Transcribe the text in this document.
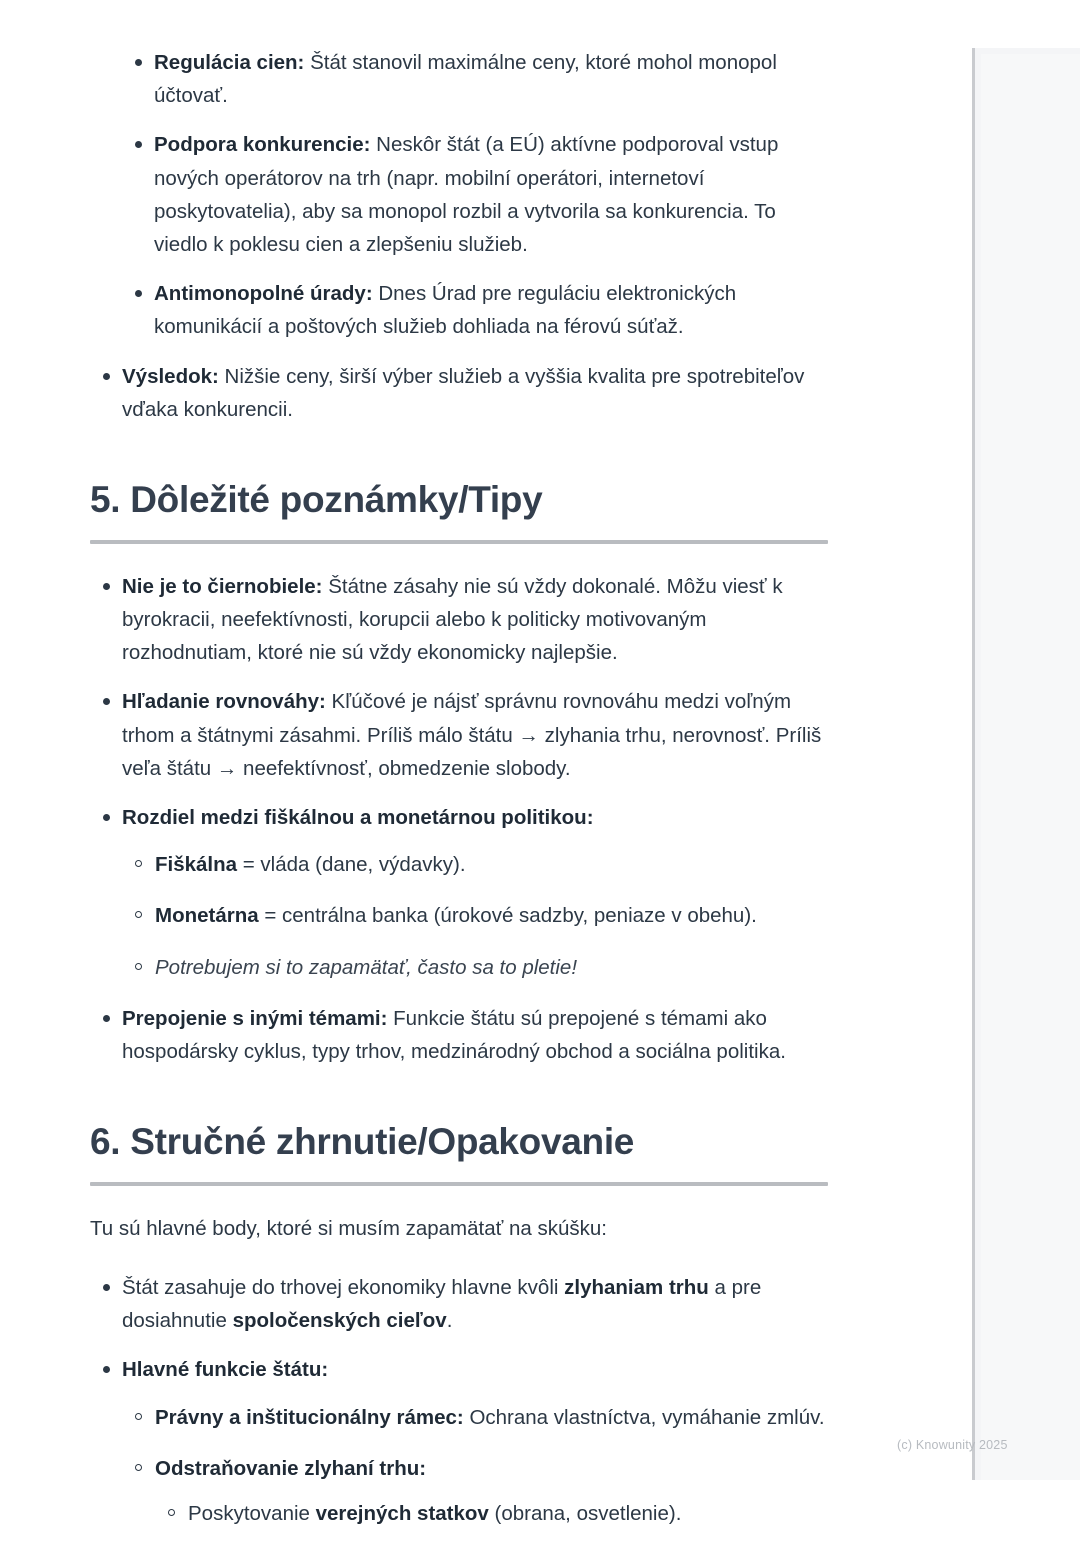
Regulácia cien: Štát stanovil maximálne ceny, ktoré mohol monopol účtovať.
Podpora konkurencie: Neskôr štát (a EÚ) aktívne podporoval vstup nových operátorov na trh (napr. mobilní operátori, internetoví poskytovatelia), aby sa monopol rozbil a vytvorila sa konkurencia. To viedlo k poklesu cien a zlepšeniu služieb.
Antimonopolné úrady: Dnes Úrad pre reguláciu elektronických komunikácií a poštových služieb dohliada na férovú súťaž.
Výsledok: Nižšie ceny, širší výber služieb a vyššia kvalita pre spotrebiteľov vďaka konkurencii.
5. Dôležité poznámky/Tipy
Nie je to čiernobiele: Štátne zásahy nie sú vždy dokonalé. Môžu viesť k byrokracii, neefektívnosti, korupcii alebo k politicky motivovaným rozhodnutiam, ktoré nie sú vždy ekonomicky najlepšie.
Hľadanie rovnováhy: Kľúčové je nájsť správnu rovnováhu medzi voľným trhom a štátnymi zásahmi. Príliš málo štátu → zlyhania trhu, nerovnosť. Príliš veľa štátu → neefektívnosť, obmedzenie slobody.
Rozdiel medzi fiškálnou a monetárnou politikou:
Fiškálna = vláda (dane, výdavky).
Monetárna = centrálna banka (úrokové sadzby, peniaze v obehu).
Potrebujem si to zapamätať, často sa to pletie!
Prepojenie s inými témami: Funkcie štátu sú prepojené s témami ako hospodársky cyklus, typy trhov, medzinárodný obchod a sociálna politika.
6. Stručné zhrnutie/Opakovanie

Tu sú hlavné body, ktoré si musím zapamätať na skúšku:

Štát zasahuje do trhovej ekonomiky hlavne kvôli zlyhaniam trhu a pre dosiahnutie spoločenských cieľov.
Hlavné funkcie štátu:
Právny a inštitucionálny rámec: Ochrana vlastníctva, vymáhanie zmlúv.
Odstraňovanie zlyhaní trhu:
Poskytovanie verejných statkov (obrana, osvetlenie).
(c) Knowunity 2025
